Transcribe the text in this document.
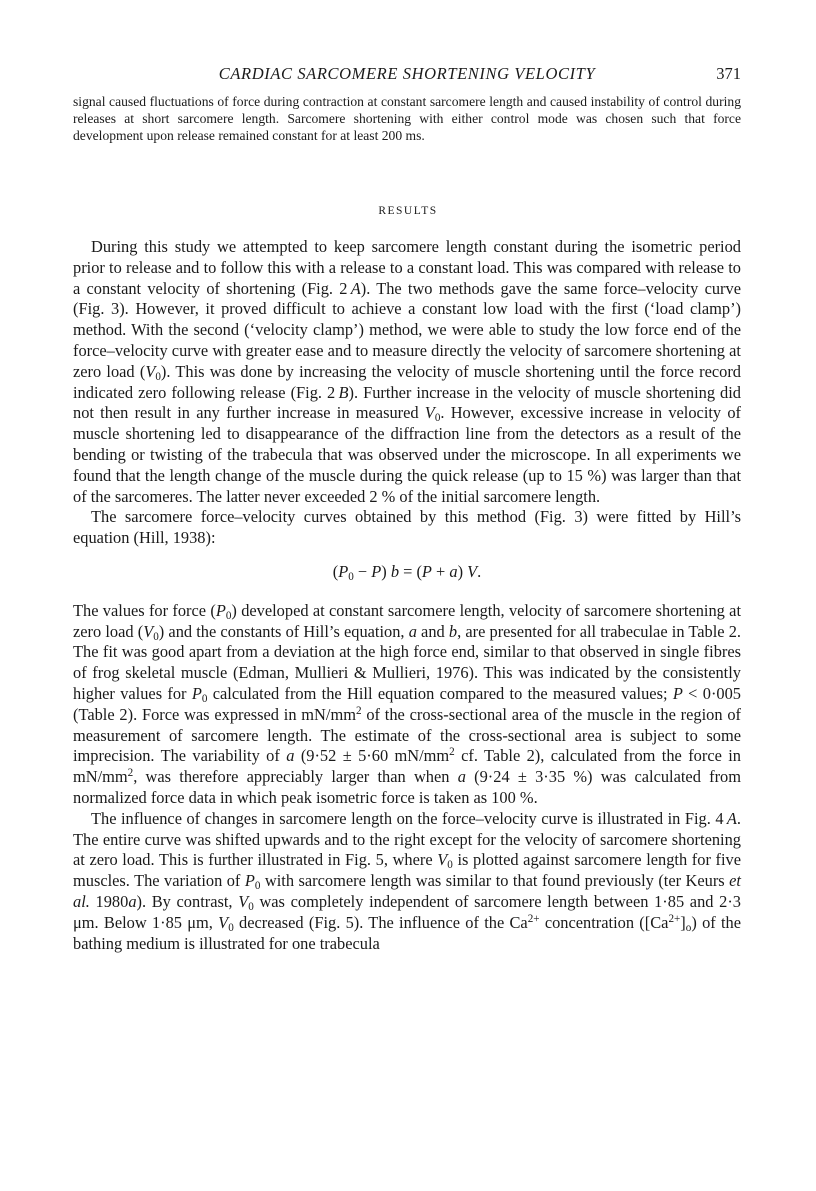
CARDIAC SARCOMERE SHORTENING VELOCITY	371

signal caused fluctuations of force during contraction at constant sarcomere length and caused instability of control during releases at short sarcomere length. Sarcomere shortening with either control mode was chosen such that force development upon release remained constant for at least 200 ms.

RESULTS

During this study we attempted to keep sarcomere length constant during the isometric period prior to release and to follow this with a release to a constant load. This was compared with release to a constant velocity of shortening (Fig. 2  A). The two methods gave the same force–velocity curve (Fig. 3). However, it proved difficult to achieve a constant low load with the first (‘load clamp’) method. With the second (‘velocity clamp’) method, we were able to study the low force end of the force–velocity curve with greater ease and to measure directly the velocity of sarcomere shortening at zero load $(V_0)$. This was done by increasing the velocity of muscle shortening until the force record indicated zero following release (Fig. 2  B). Further increase in the velocity of muscle shortening did not then result in any further increase in measured $V_0$. However, excessive increase in velocity of muscle shortening led to disappearance of the diffraction line from the detectors as a result of the bending or twisting of the trabecula that was observed under the microscope. In all experiments we found that the length change of the muscle during the quick release (up to 15 %) was larger than that of the sarcomeres. The latter never exceeded 2 % of the initial sarcomere length.

The sarcomere force–velocity curves obtained by this method (Fig. 3) were fitted by Hill’s equation (Hill, 1938):

$(P_0 - P) b = (P + a)$ V.

The values for force $(P_0)$ developed at constant sarcomere length, velocity of sarcomere shortening at zero load $(V_0)$ and the constants of Hill’s equation, a and b, are presented for all trabeculae in Table 2. The fit was good apart from a deviation at the high force end, similar to that observed in single fibres of frog skeletal muscle (Edman, Mullieri & Mullieri, 1976). This was indicated by the consistently higher values for $P_0$ calculated from the Hill equation compared to the measured values; P < 0·005 (Table 2). Force was expressed in $mN/mm^2$ of the cross-sectional area of the muscle in the region of measurement of sarcomere length. The estimate of the cross-sectional area is subject to some imprecision. The variability of a (9·52 ± 5·60 $mN/mm^2$ cf. Table 2), calculated from the force in $mN/mm^2$, was therefore appreciably larger than when a (9·24 ± 3·35 %) was calculated from normalized force data in which peak isometric force is taken as 100 %.

The influence of changes in sarcomere length on the force–velocity curve is illustrated in Fig. 4  A. The entire curve was shifted upwards and to the right except for the velocity of sarcomere shortening at zero load. This is further illustrated in Fig. 5, where $V_0$ is plotted against sarcomere length for five muscles. The variation of $P_0$ with sarcomere length was similar to that found previously (ter Keurs et al. 1980a). By contrast, $V_0$ was completely independent of sarcomere length between 1·85 and 2·3 μm. Below 1·85 μm, $V_0$ decreased (Fig. 5). The influence of the $Ca^{2+}$ concentration $([Ca^{2+}]_o)$ of the bathing medium is illustrated for one trabecula
